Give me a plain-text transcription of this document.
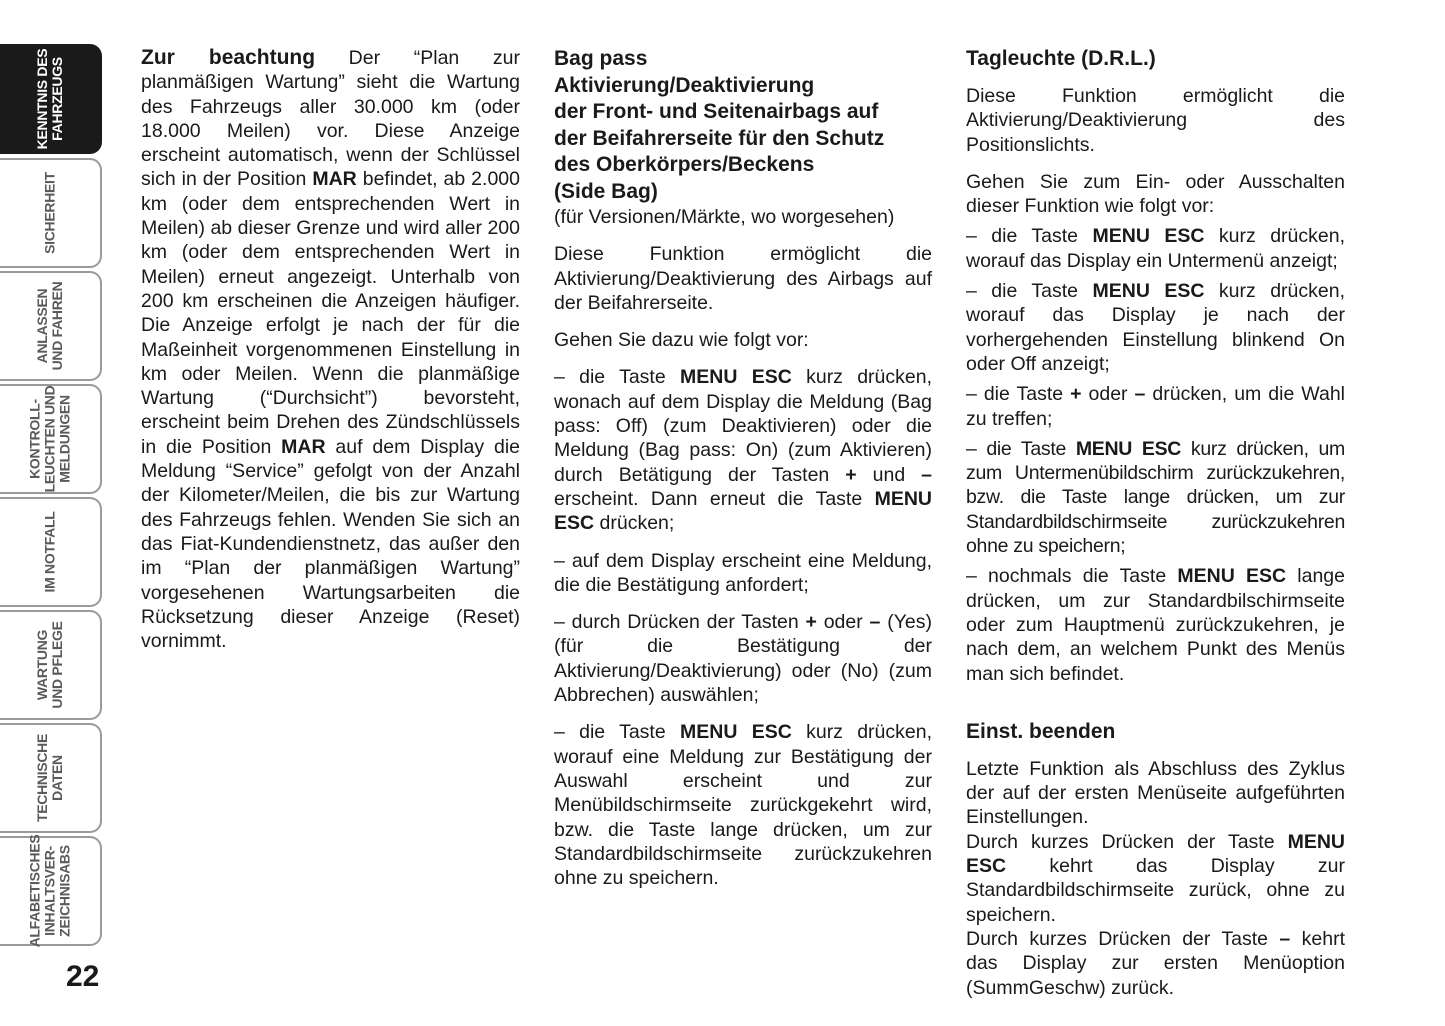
KENNTNIS DES
FAHRZEUGS
SICHERHEIT
ANLASSEN
UND FAHREN
KONTROLL-
LEUCHTEN UND
MELDUNGEN
IM NOTFALL
WARTUNG
UND PFLEGE
TECHNISCHE
DATEN
ALFABETISCHES
INHALTSVER-
ZEICHNISABS
22

Zur beachtung Der “Plan zur planmäßigen Wartung” sieht die Wartung des Fahrzeugs aller 30.000 km (oder 18.000 Meilen) vor. Diese Anzeige erscheint automatisch, wenn der Schlüssel sich in der Position MAR befindet, ab 2.000 km (oder dem entsprechenden Wert in Meilen) ab dieser Grenze und wird aller 200 km (oder dem entsprechenden Wert in Meilen) erneut angezeigt. Unterhalb von 200 km erscheinen die Anzeigen häufiger. Die Anzeige erfolgt je nach der für die Maßeinheit vorgenommenen Einstellung in km oder Meilen. Wenn die planmäßige Wartung (“Durchsicht”) bevorsteht, erscheint beim Drehen des Zündschlüssels in die Position MAR auf dem Display die Meldung “Service” gefolgt von der Anzahl der Kilometer/Meilen, die bis zur Wartung des Fahrzeugs fehlen. Wenden Sie sich an das Fiat-Kundendienstnetz, das außer den im “Plan der planmäßigen Wartung” vorgesehenen Wartungsarbeiten die Rücksetzung dieser Anzeige (Reset) vornimmt.

Bag pass
Aktivierung/Deaktivierung
der Front- und Seitenairbags auf
der Beifahrerseite für den Schutz
des Oberkörpers/Beckens
(Side Bag)

(für Versionen/Märkte, wo worgesehen)

Diese Funktion ermöglicht die Aktivierung/Deaktivierung des Airbags auf der Beifahrerseite.

Gehen Sie dazu wie folgt vor:

– die Taste MENU ESC kurz drücken, wonach auf dem Display die Meldung (Bag pass: Off) (zum Deaktivieren) oder die Meldung (Bag pass: On) (zum Aktivieren) durch Betätigung der Tasten + und – erscheint. Dann erneut die Taste MENU ESC drücken;

– auf dem Display erscheint eine Meldung, die die Bestätigung anfordert;

– durch Drücken der Tasten + oder – (Yes) (für die Bestätigung der Aktivierung/Deaktivierung) oder (No) (zum Abbrechen) auswählen;

– die Taste MENU ESC kurz drücken, worauf eine Meldung zur Bestätigung der Auswahl erscheint und zur Menübildschirmseite zurückgekehrt wird, bzw. die Taste lange drücken, um zur Standardbildschirmseite zurückzukehren ohne zu speichern.

Tagleuchte (D.R.L.)

Diese Funktion ermöglicht die Aktivierung/Deaktivierung des Positionslichts.

Gehen Sie zum Ein- oder Ausschalten dieser Funktion wie folgt vor:

– die Taste MENU ESC kurz drücken, worauf das Display ein Untermenü anzeigt;

– die Taste MENU ESC kurz drücken, worauf das Display je nach der vorhergehenden Einstellung blinkend On oder Off anzeigt;

– die Taste + oder – drücken, um die Wahl zu treffen;

– die Taste MENU ESC kurz drücken, um zum Untermenübildschirm zurückzukehren, bzw. die Taste lange drücken, um zur Standardbildschirmseite zurückzukehren ohne zu speichern;

– nochmals die Taste MENU ESC lange drücken, um zur Standardbilschirmseite oder zum Hauptmenü zurückzukehren, je nach dem, an welchem Punkt des Menüs man sich befindet.

Einst. beenden

Letzte Funktion als Abschluss des Zyklus der auf der ersten Menüseite aufgeführten Einstellungen.

Durch kurzes Drücken der Taste MENU ESC kehrt das Display zur Standardbildschirmseite zurück, ohne zu speichern.

Durch kurzes Drücken der Taste – kehrt das Display zur ersten Menüoption (SummGeschw) zurück.
